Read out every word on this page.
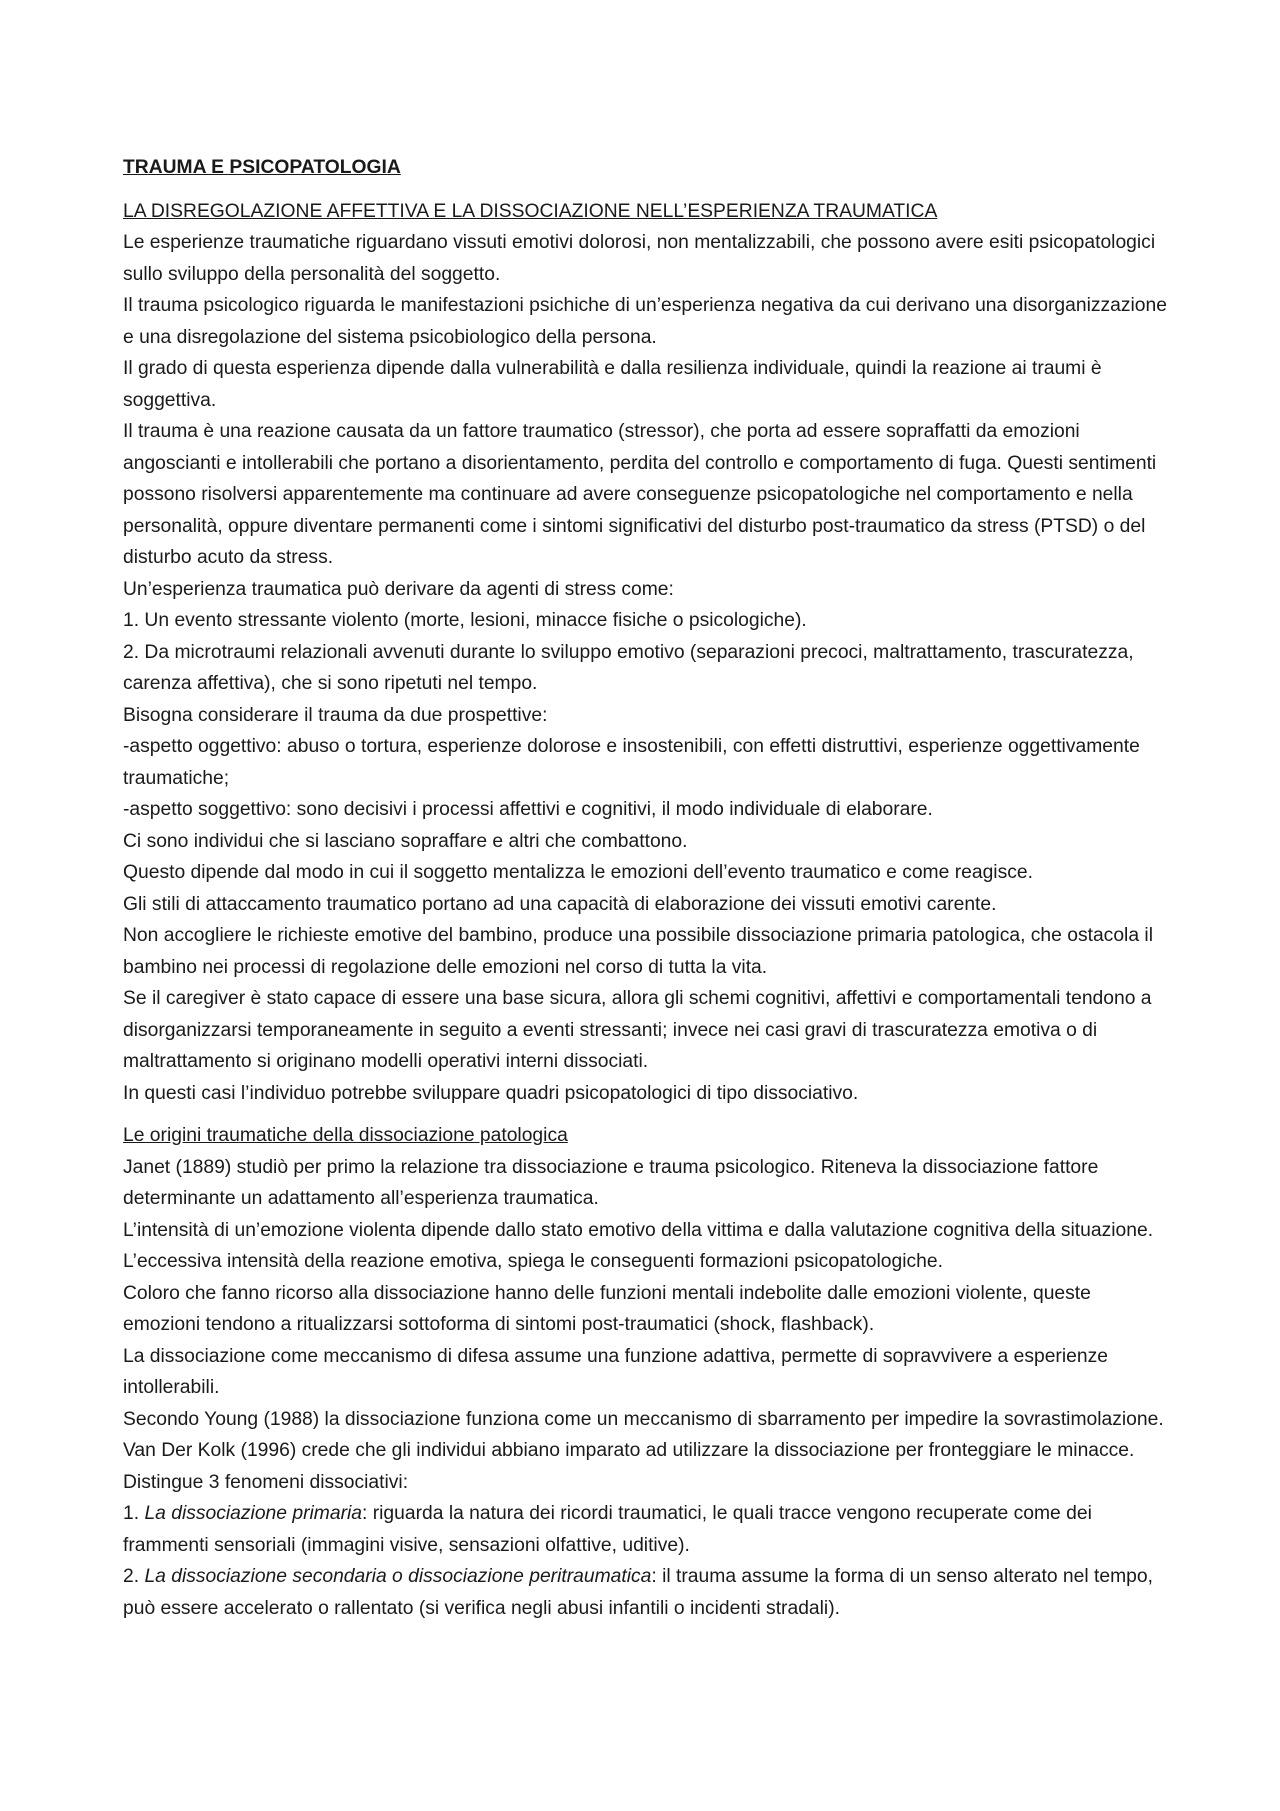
TRAUMA E PSICOPATOLOGIA
LA DISREGOLAZIONE AFFETTIVA E LA DISSOCIAZIONE NELL’ESPERIENZA TRAUMATICA

Le esperienze traumatiche riguardano vissuti emotivi dolorosi, non mentalizzabili, che possono avere esiti psicopatologici sullo sviluppo della personalità del soggetto.

Il trauma psicologico riguarda le manifestazioni psichiche di un’esperienza negativa da cui derivano una disorganizzazione e una disregolazione del sistema psicobiologico della persona.

Il grado di questa esperienza dipende dalla vulnerabilità e dalla resilienza individuale, quindi la reazione ai traumi è soggettiva.

Il trauma è una reazione causata da un fattore traumatico (stressor), che porta ad essere sopraffatti da emozioni angoscianti e intollerabili che portano a disorientamento, perdita del controllo e comportamento di fuga. Questi sentimenti possono risolversi apparentemente ma continuare ad avere conseguenze psicopatologiche nel comportamento e nella personalità, oppure diventare permanenti come i sintomi significativi del disturbo post-traumatico da stress (PTSD) o del disturbo acuto da stress.

Un’esperienza traumatica può derivare da agenti di stress come:

1. Un evento stressante violento (morte, lesioni, minacce fisiche o psicologiche).

2. Da microtraumi relazionali avvenuti durante lo sviluppo emotivo (separazioni precoci, maltrattamento, trascuratezza, carenza affettiva), che si sono ripetuti nel tempo.

Bisogna considerare il trauma da due prospettive:

-aspetto oggettivo: abuso o tortura, esperienze dolorose e insostenibili, con effetti distruttivi, esperienze oggettivamente traumatiche;

-aspetto soggettivo: sono decisivi i processi affettivi e cognitivi, il modo individuale di elaborare.

Ci sono individui che si lasciano sopraffare e altri che combattono.

Questo dipende dal modo in cui il soggetto mentalizza le emozioni dell’evento traumatico e come reagisce.

Gli stili di attaccamento traumatico portano ad una capacità di elaborazione dei vissuti emotivi carente.

Non accogliere le richieste emotive del bambino, produce una possibile dissociazione primaria patologica, che ostacola il bambino nei processi di regolazione delle emozioni nel corso di tutta la vita.

Se il caregiver è stato capace di essere una base sicura, allora gli schemi cognitivi, affettivi e comportamentali tendono a disorganizzarsi temporaneamente in seguito a eventi stressanti; invece nei casi gravi di trascuratezza emotiva o di maltrattamento si originano modelli operativi interni dissociati.

In questi casi l’individuo potrebbe sviluppare quadri psicopatologici di tipo dissociativo.

Le origini traumatiche della dissociazione patologica

Janet (1889) studiò per primo la relazione tra dissociazione e trauma psicologico. Riteneva la dissociazione fattore determinante un adattamento all’esperienza traumatica.

L’intensità di un’emozione violenta dipende dallo stato emotivo della vittima e dalla valutazione cognitiva della situazione. L’eccessiva intensità della reazione emotiva, spiega le conseguenti formazioni psicopatologiche.

Coloro che fanno ricorso alla dissociazione hanno delle funzioni mentali indebolite dalle emozioni violente, queste emozioni tendono a ritualizzarsi sottoforma di sintomi post-traumatici (shock, flashback).

La dissociazione come meccanismo di difesa assume una funzione adattiva, permette di sopravvivere a esperienze intollerabili.

Secondo Young (1988) la dissociazione funziona come un meccanismo di sbarramento per impedire la sovrastimolazione.

Van Der Kolk (1996) crede che gli individui abbiano imparato ad utilizzare la dissociazione per fronteggiare le minacce. Distingue 3 fenomeni dissociativi:

1. La dissociazione primaria: riguarda la natura dei ricordi traumatici, le quali tracce vengono recuperate come dei frammenti sensoriali (immagini visive, sensazioni olfattive, uditive).

2. La dissociazione secondaria o dissociazione peritraumatica: il trauma assume la forma di un senso alterato nel tempo, può essere accelerato o rallentato (si verifica negli abusi infantili o incidenti stradali).
